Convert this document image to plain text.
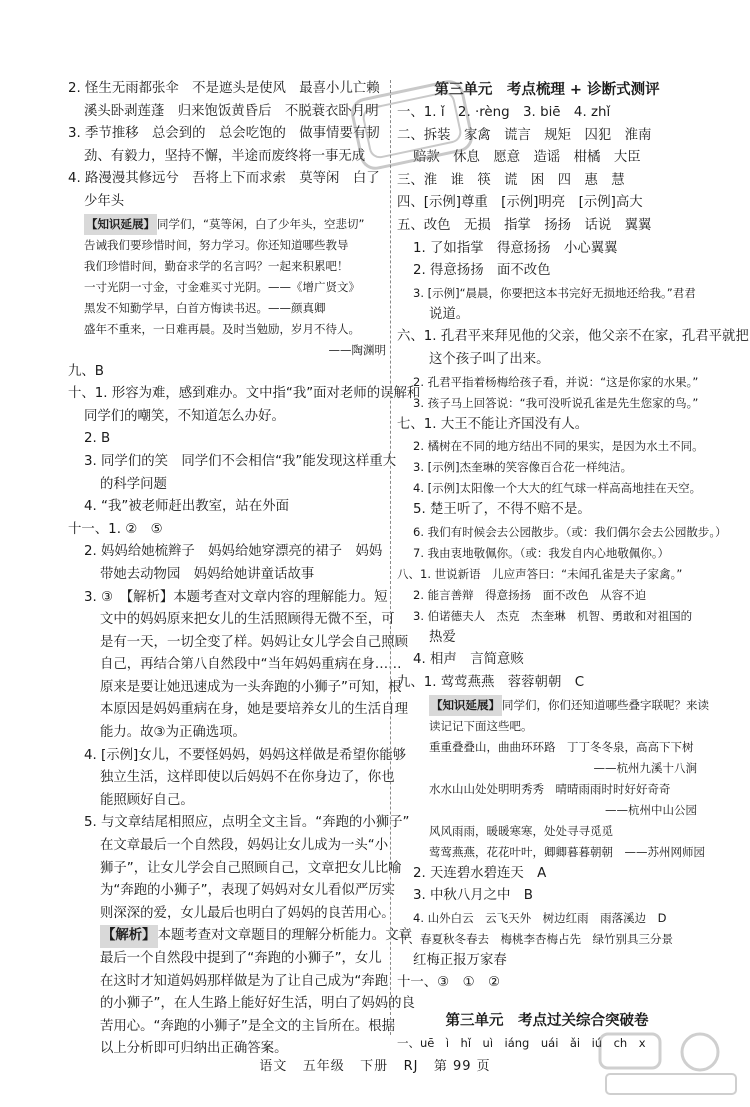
2. 怪生无雨都张伞　不是遮头是使风　最喜小儿亡赖
溪头卧剥莲蓬　归来饱饭黄昏后　不脱蓑衣卧月明
3. 季节推移　总会到的　总会吃饱的　做事情要有韧
劲、有毅力，坚持不懈，半途而废终将一事无成
4. 路漫漫其修远兮　吾将上下而求索　莫等闲　白了
少年头
【知识延展】 同学们，“莫等闲，白了少年头，空悲切”
告诫我们要珍惜时间，努力学习。你还知道哪些教导
我们珍惜时间，勤奋求学的名言吗？一起来积累吧！
一寸光阴一寸金，寸金难买寸光阴。——《增广贤文》
黑发不知勤学早，白首方悔读书迟。——颜真卿
盛年不重来，一日难再晨。及时当勉励，岁月不待人。
——陶渊明
九、B
十、1. 形容为难，感到难办。文中指“我”面对老师的误解和
同学们的嘲笑，不知道怎么办好。
2. B
3. 同学们的笑　同学们不会相信“我”能发现这样重大
的科学问题
4. “我”被老师赶出教室，站在外面
十一、1. ②　⑤
2. 妈妈给她梳辫子　妈妈给她穿漂亮的裙子　妈妈
带她去动物园　妈妈给她讲童话故事
3. ③　【解析】本题考查对文章内容的理解能力。短
文中的妈妈原来把女儿的生活照顾得无微不至，可
是有一天，一切全变了样。妈妈让女儿学会自己照顾
自己，再结合第八自然段中“当年妈妈重病在身……
原来是要让她迅速成为一头奔跑的小狮子”可知，根
本原因是妈妈重病在身，她是要培养女儿的生活自理
能力。故③为正确选项。
4. [示例]女儿，不要怪妈妈，妈妈这样做是希望你能够
独立生活，这样即使以后妈妈不在你身边了，你也
能照顾好自己。
5. 与文章结尾相照应，点明全文主旨。“奔跑的小狮子”
在文章最后一个自然段，妈妈让女儿成为一头“小
狮子”，让女儿学会自己照顾自己，文章把女儿比喻
为“奔跑的小狮子”，表现了妈妈对女儿看似严厉实
则深深的爱，女儿最后也明白了妈妈的良苦用心。
【解析】 本题考查对文章题目的理解分析能力。文章
最后一个自然段中提到了“奔跑的小狮子”，女儿
在这时才知道妈妈那样做是为了让自己成为“奔跑
的小狮子”，在人生路上能好好生活，明白了妈妈的良
苦用心。“奔跑的小狮子”是全文的主旨所在。根据
以上分析即可归纳出正确答案。
第三单元　考点梳理 + 诊断式测评
一、1. ǐ　2. ·rèng　3. biē　4. zhǐ
二、拆装　家禽　谎言　规矩　囚犯　淮南
赔款　休息　愿意　造谣　柑橘　大臣
三、淮　谁　筷　谎　困　四　惠　慧
四、[示例]尊重　[示例]明亮　[示例]高大
五、改色　无损　指掌　扬扬　话说　翼翼
1. 了如指掌　得意扬扬　小心翼翼
2. 得意扬扬　面不改色
3. [示例]“晨晨，你要把这本书完好无损地还给我。”君君
说道。
六、1. 孔君平来拜见他的父亲，他父亲不在家，孔君平就把
这个孩子叫了出来。
2. 孔君平指着杨梅给孩子看，并说：“这是你家的水果。”
3. 孩子马上回答说：“我可没听说孔雀是先生您家的鸟。”
七、1. 大王不能让齐国没有人。
2. 橘树在不同的地方结出不同的果实，是因为水土不同。
3. [示例]杰奎琳的笑容像百合花一样纯洁。
4. [示例]太阳像一个大大的红气球一样高高地挂在天空。
5. 楚王听了，不得不赔不是。
6. 我们有时候会去公园散步。（或：我们偶尔会去公园散步。）
7. 我由衷地敬佩你。（或：我发自内心地敬佩你。）
八、1. 世说新语　儿应声答曰：“未闻孔雀是夫子家禽。”
2. 能言善辩　得意扬扬　面不改色　从容不迫
3. 伯诺德夫人　杰克　杰奎琳　机智、勇敢和对祖国的
热爱
4. 相声　言简意赅
九、1. 莺莺燕燕　蓉蓉朝朝　C
【知识延展】 同学们，你们还知道哪些叠字联呢？来读
读记记下面这些吧。
重重叠叠山，曲曲环环路　丁丁冬冬泉，高高下下树
——杭州九溪十八涧
水水山山处处明明秀秀　晴晴雨雨时时好好奇奇
——杭州中山公园
风风雨雨，暖暖寒寒，处处寻寻觅觅
莺莺燕燕，花花叶叶，卿卿暮暮朝朝　——苏州网师园
2. 天连碧水碧连天　A
3. 中秋八月之中　B
4. 山外白云　云飞天外　树边红雨　雨落溪边　D
十、春夏秋冬春去　梅桃李杏梅占先　绿竹别具三分景
红梅正报万家春
十一、③　①　②
第三单元　考点过关综合突破卷
一、uē　ì　hǐ　uì　iáng　uái　ǎi　iú　ch　x
语文 五年级 下册 RJ 第 99 页
